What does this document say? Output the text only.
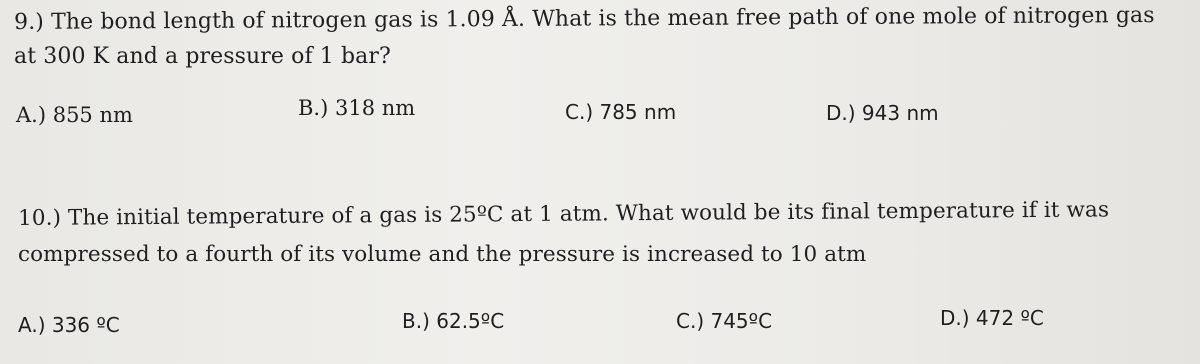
9.) The bond length of nitrogen gas is 1.09 Å. What is the mean free path of one mole of nitrogen gas
at 300 K and a pressure of 1 bar?
A.) 855 nm	B.) 318 nm	C.) 785 nm	D.) 943 nm
10.) The initial temperature of a gas is 25ºC at 1 atm. What would be its final temperature if it was
compressed to a fourth of its volume and the pressure is increased to 10 atm
A.) 336 ºC	B.) 62.5ºC	C.) 745ºC	D.) 472 ºC
